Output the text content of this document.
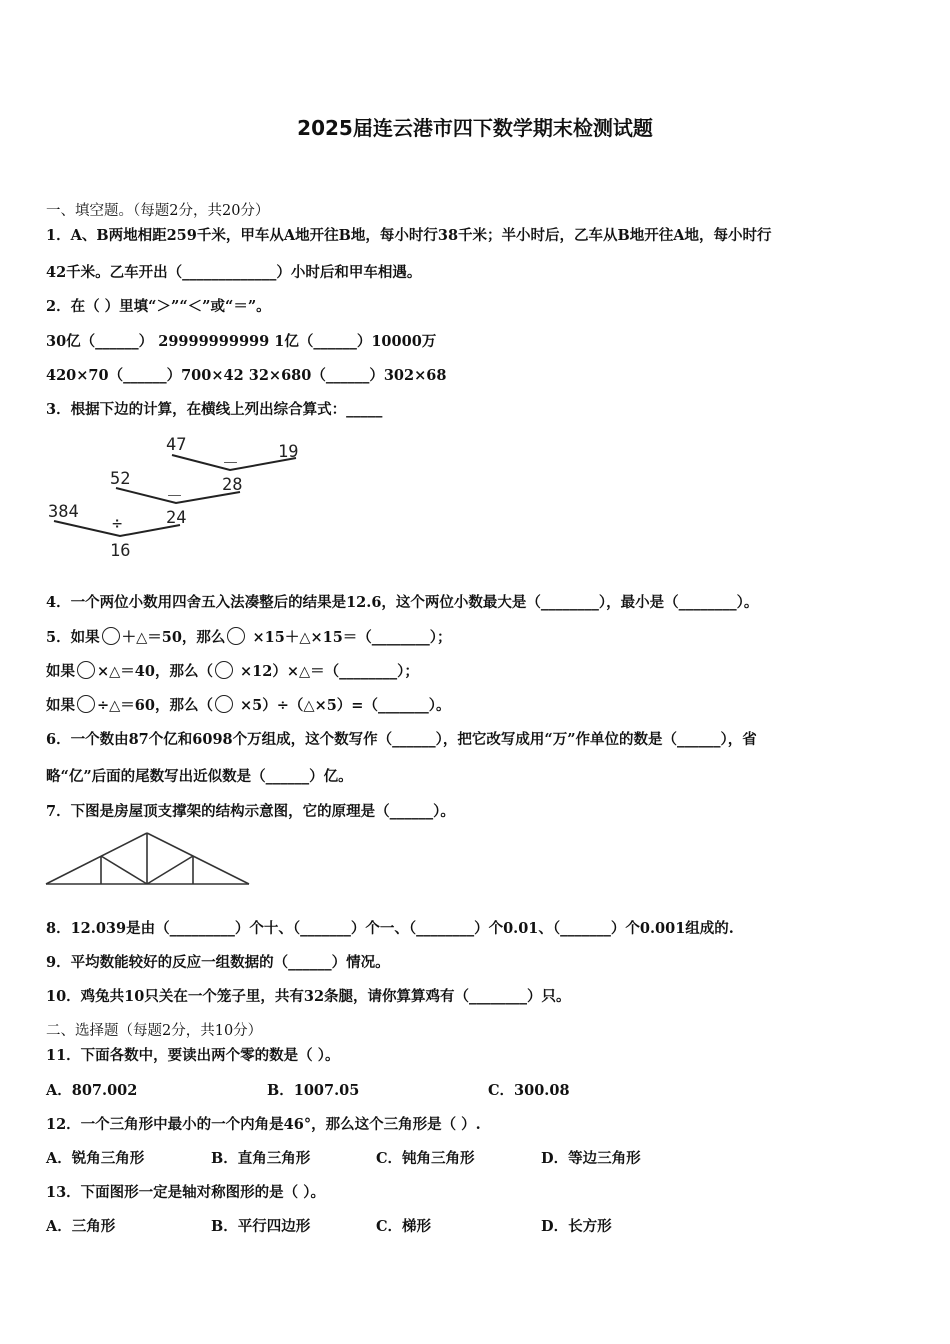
2025届连云港市四下数学期末检测试题
一、填空题。（每题2分，共20分）
1．A、B两地相距259千米，甲车从A地开往B地，每小时行38千米；半小时后，乙车从B地开往A地，每小时行
42千米。乙车开出（_____________）小时后和甲车相遇。
2．在（ ）里填“＞”“＜”或“＝”。
30亿（______） 29999999999 1亿（______）10000万
420×70（______）700×42 32×680（______）302×68
3．根据下边的计算，在横线上列出综合算式：_____
47	19
－
28
52
－
24
384
÷
16
4．一个两位小数用四舍五入法凑整后的结果是12.6，这个两位小数最大是（________），最小是（________）。
5．如果 ＋△＝50，那么 ×15＋△×15＝（________）；
如果 ×△＝40，那么（ ×12）×△＝（________）；
如果 ÷△＝60，那么（ ×5）÷（△×5）=（_______）。
6．一个数由87个亿和6098个万组成，这个数写作（______），把它改写成用“万”作单位的数是（______），省
略“亿”后面的尾数写出近似数是（______）亿。
7．下图是房屋顶支撑架的结构示意图，它的原理是（______）。
8．12.039是由（_________）个十、（_______）个一、（________）个0.01、（_______）个0.001组成的.
9．平均数能较好的反应一组数据的（______）情况。
10．鸡兔共10只关在一个笼子里，共有32条腿，请你算算鸡有（________）只。
二、选择题（每题2分，共10分）
11．下面各数中，要读出两个零的数是（ ）。
A．807.002	B．1007.05	C．300.08
12．一个三角形中最小的一个内角是46°，那么这个三角形是（ ）.
A．锐角三角形	B．直角三角形	C．钝角三角形	D．等边三角形
13．下面图形一定是轴对称图形的是（ ）。
A．三角形	B．平行四边形	C．梯形	D．长方形
